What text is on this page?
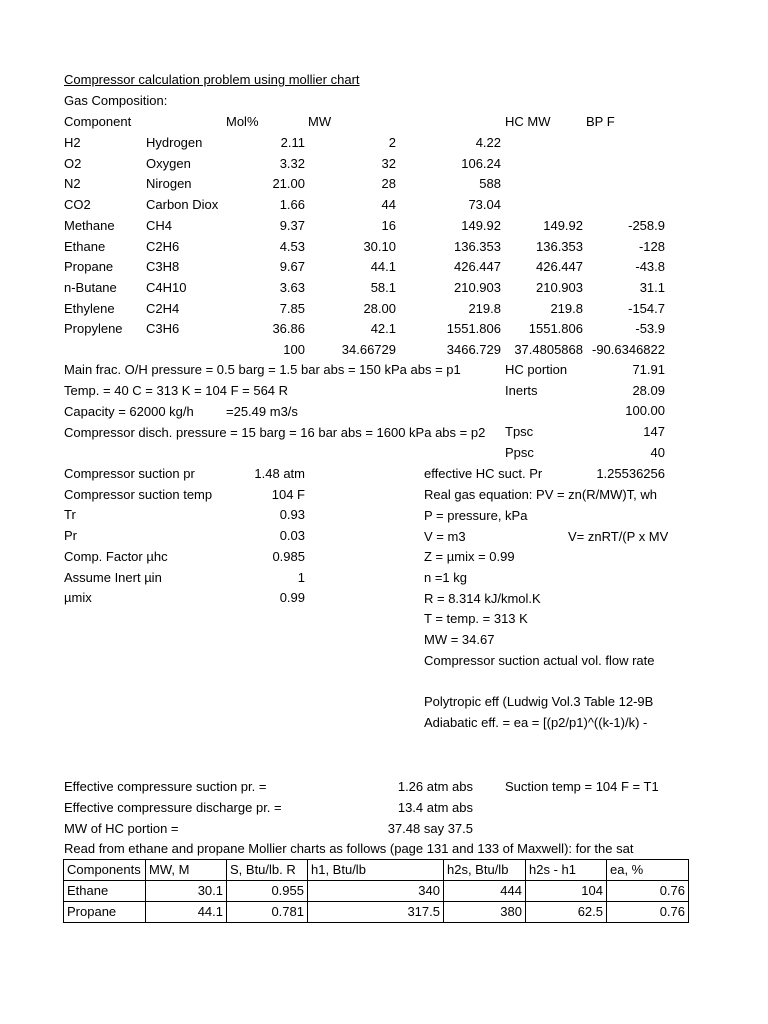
Compressor calculation problem using mollier chart
Gas Composition:
Component	Mol%	MW	HC MW	BP F
H2	Hydrogen	2.11	2	4.22
O2	Oxygen	3.32	32	106.24
N2	Nirogen	21.00	28	588
CO2	Carbon Diox	1.66	44	73.04
Methane CH4	9.37	16	149.92	149.92	-258.9
Ethane	C2H6	4.53	30.10	136.353	136.353	-128
Propane	C3H8	9.67	44.1	426.447	426.447	-43.8
n-Butane C4H10	3.63	58.1	210.903	210.903	31.1
Ethylene C2H4	7.85	28.00	219.8	219.8	-154.7
Propylene C3H6	36.86	42.1	1551.806	1551.806	-53.9
100	34.66729	3466.729	37.4805868 -90.6346822
Main frac. O/H pressure = 0.5 barg = 1.5 bar abs = 150 kPa abs = p1
Temp. = 40 C = 313 K = 104 F = 564 R
Capacity = 62000 kg/h =25.49 m3/s
Compressor disch. pressure = 15 barg = 16 bar abs = 1600 kPa abs = p2
HC portion	71.91
Inerts	28.09
100.00
Tpsc	147
Ppsc	40
Compressor suction pr	1.48 atm
Compressor suction temp	104 F
Tr	0.93
Pr	0.03
Comp. Factor µhc	0.985
Assume Inert µin	1
µmix	0.99
effective HC suct. Pr	1.25536256
Real gas equation: PV = zn(R/MW)T, wh
P = pressure, kPa
V = m3	V= znRT/(P x MV
Z = µmix = 0.99
n =1 kg
R = 8.314 kJ/kmol.K
T = temp. = 313 K
MW = 34.67
Compressor suction actual vol. flow rate
Polytropic eff (Ludwig Vol.3 Table 12-9B
Adiabatic eff. = ea = [(p2/p1)^((k-1)/k) -
Effective compressure suction pr. =	1.26 atm abs Suction temp = 104 F = T1
Effective compressure discharge pr. =	13.4 atm abs
MW of HC portion =	37.48 say 37.5
Read from ethane and propane Mollier charts as follows (page 131 and 133 of Maxwell): for the sat
Components	MW, M	S, Btu/lb. R	h1, Btu/lb	h2s, Btu/lb	h2s - h1	ea, %
Ethane	30.1	0.955	340	444	104	0.76
Propane	44.1	0.781	317.5	380	62.5	0.76
